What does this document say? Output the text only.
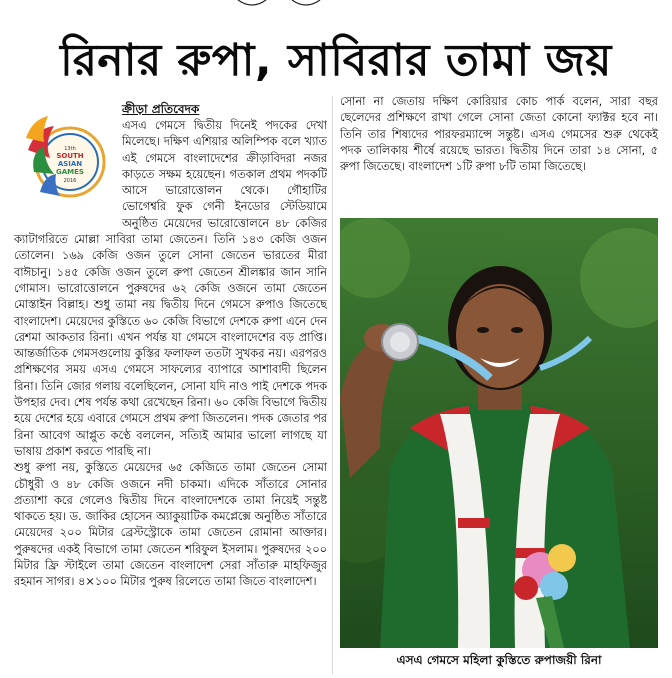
রিনার রুপা, সাবিরার তামা জয়
13th
SOUTH
ASIAN
GAMES
2016
ক্রীড়া প্রতিবেদক

এসএ গেমসে দ্বিতীয় দিনেই পদকের দেখা মিলেছে। দক্ষিণ এশিয়ার অলিম্পিক বলে খ্যাত এই গেমসে বাংলাদেশের ক্রীড়াবিদরা নজর কাড়তে সক্ষম হয়েছেন। গতকাল প্রথম পদকটি আসে ভারোত্তোলন থেকে। গৌহাটির ভোগেশ্বরি ফুক গেনী ইনডোর স্টেডিয়ামে অনুষ্ঠিত মেয়েদের ভারোত্তোলনে ৪৮ কেজির ক্যাটাগরিতে মোল্লা সাবিরা তামা জেতেন। তিনি ১৪৩ কেজি ওজন তোলেন। ১৬৯ কেজি ওজন তুলে সোনা জেতেন ভারতের মীরা বাঈচানু। ১৪৫ কেজি ওজন তুলে রুপা জেতেন শ্রীলঙ্কার জান সানি গোমাস। ভারোত্তোলনে পুরুষদের ৬২ কেজি ওজনে তামা জেতেন মোস্তাইন বিল্লাহ। শুধু তামা নয় দ্বিতীয় দিনে গেমসে রুপাও জিতেছে বাংলাদেশ। মেয়েদের কুস্তিতে ৬০ কেজি বিভাগে দেশকে রুপা এনে দেন রেশমা আকতার রিনা। এখন পর্যন্ত যা গেমসে বাংলাদেশের বড় প্রাপ্তি। আন্তর্জাতিক গেমসগুলোয় কুস্তির ফলাফল ততটা সুখকর নয়। এরপরও প্রশিক্ষণের সময় এসএ গেমসে সাফল্যের ব্যাপারে আশাবাদী ছিলেন রিনা। তিনি জোর গলায় বলেছিলেন, সোনা যদি নাও পাই দেশকে পদক উপহার দেব। শেষ পর্যন্ত কথা রেখেছেন রিনা। ৬০ কেজি বিভাগে দ্বিতীয় হয়ে দেশের হয়ে এবারে গেমসে প্রথম রুপা জিতলেন। পদক জেতার পর রিনা আবেগ আপ্লুত কণ্ঠে বললেন, সত্যিই আমার ভালো লাগছে যা ভাষায় প্রকাশ করতে পারছি না।

শুধু রুপা নয়, কুস্তিতে মেয়েদের ৬৫ কেজিতে তামা জেতেন সোমা চৌধুরী ও ৪৮ কেজি ওজনে নদী চাকমা। এদিকে সাঁতারে সোনার প্রত্যাশা করে গেলেও দ্বিতীয় দিনে বাংলাদেশকে তামা নিয়েই সন্তুষ্ট থাকতে হয়। ড. জাকির হোসেন অ্যাকুয়াটিক কমপ্লেক্সে অনুষ্ঠিত সাঁতারে মেয়েদের ২০০ মিটার ব্রেস্টস্ট্রোকে তামা জেতেন রোমানা আক্তার। পুরুষদের একই বিভাগে তামা জেতেন শরিফুল ইসলাম। পুরুষদের ২০০ মিটার ফ্রি স্টাইলে তামা জেতেন বাংলাদেশ সেরা সাঁতারু মাহফিজুর রহমান সাগর। ৪×১০০ মিটার পুরুষ রিলেতে তামা জিতে বাংলাদেশ।

সোনা না জেতায় দক্ষিণ কোরিয়ার কোচ পার্ক বলেন, সারা বছর ছেলেদের প্রশিক্ষণে রাখা গেলে সোনা জেতা কোনো ফ্যাক্টর হবে না। তিনি তার শিষ্যদের পারফরম্যান্সে সন্তুষ্ট। এসএ গেমসের শুরু থেকেই পদক তালিকায় শীর্ষে রয়েছে ভারত। দ্বিতীয় দিনে তারা ১৪ সোনা, ৫ রুপা জিতেছে। বাংলাদেশ ১টি রুপা ৮টি তামা জিতেছে।

এসএ গেমসে মহিলা কুস্তিতে রুপাজয়ী রিনা
